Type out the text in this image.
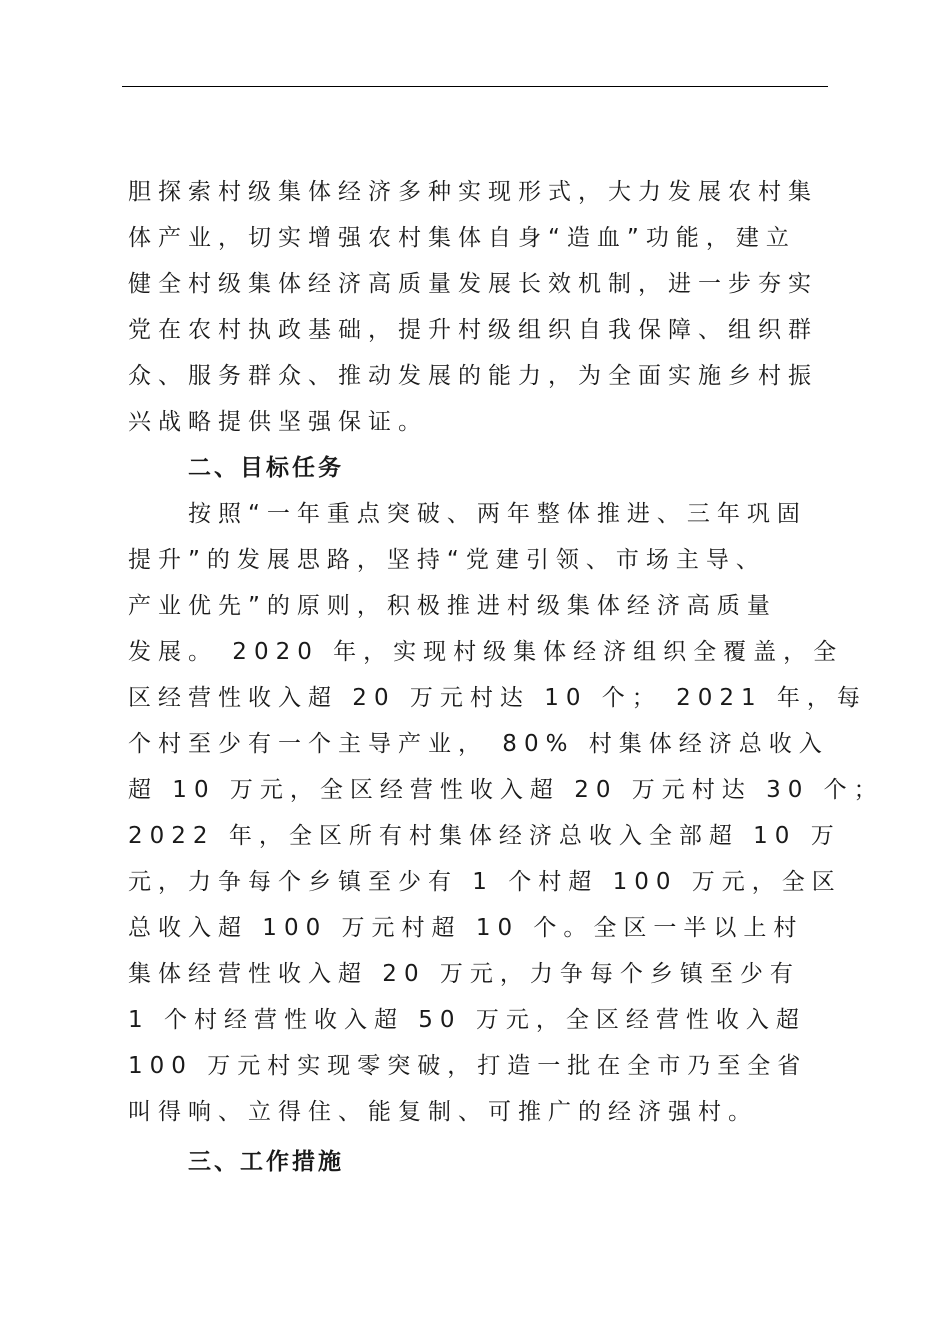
胆探索村级集体经济多种实现形式，大力发展农村集

体产业，切实增强农村集体自身“造血”功能，建立

健全村级集体经济高质量发展长效机制，进一步夯实

党在农村执政基础，提升村级组织自我保障、组织群

众、服务群众、推动发展的能力，为全面实施乡村振

兴战略提供坚强保证。

二、目标任务

按照“一年重点突破、两年整体推进、三年巩固

提升”的发展思路，坚持“党建引领、市场主导、

产业优先”的原则，积极推进村级集体经济高质量

发展。 2020 年，实现村级集体经济组织全覆盖，全

区经营性收入超 20 万元村达 10 个； 2021 年，每

个村至少有一个主导产业， 80% 村集体经济总收入

超 10 万元，全区经营性收入超 20 万元村达 30 个；

2022 年，全区所有村集体经济总收入全部超 10 万

元，力争每个乡镇至少有 1 个村超 100 万元，全区

总收入超 100 万元村超 10 个。全区一半以上村

集体经营性收入超 20 万元，力争每个乡镇至少有

1 个村经营性收入超 50 万元，全区经营性收入超

100 万元村实现零突破，打造一批在全市乃至全省

叫得响、立得住、能复制、可推广的经济强村。

三、工作措施
